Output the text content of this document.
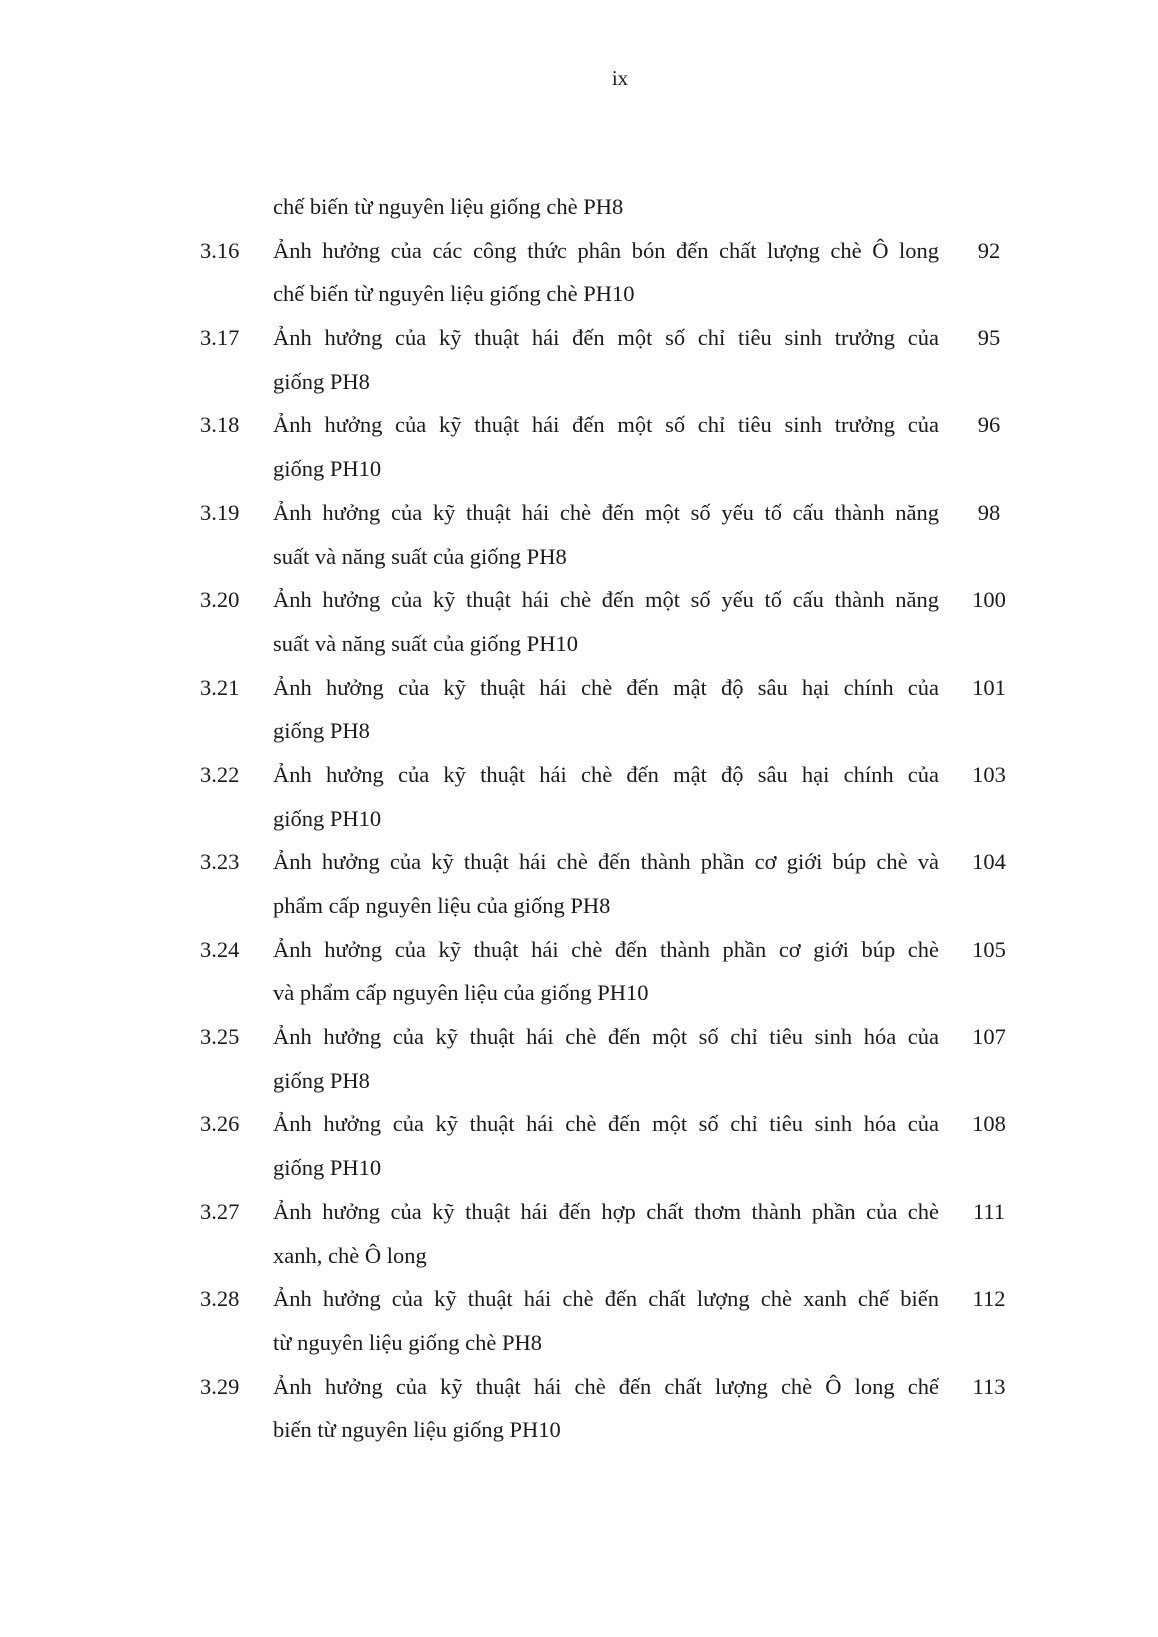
ix
chế biến từ nguyên liệu giống chè PH8
3.16	Ảnh hưởng của các công thức phân bón đến chất lượng chè Ô long	92
chế biến từ nguyên liệu giống chè PH10
3.17	Ảnh hưởng của kỹ thuật hái đến một số chỉ tiêu sinh trưởng của	95
giống PH8
3.18	Ảnh hưởng của kỹ thuật hái đến một số chỉ tiêu sinh trưởng của	96
giống PH10
3.19	Ảnh hưởng của kỹ thuật hái chè đến một số yếu tố cấu thành năng	98
suất và năng suất của giống PH8
3.20	Ảnh hưởng của kỹ thuật hái chè đến một số yếu tố cấu thành năng	100
suất và năng suất của giống PH10
3.21	Ảnh hưởng của kỹ thuật hái chè đến mật độ sâu hại chính của	101
giống PH8
3.22	Ảnh hưởng của kỹ thuật hái chè đến mật độ sâu hại chính của	103
giống PH10
3.23	Ảnh hưởng của kỹ thuật hái chè đến thành phần cơ giới búp chè và	104
phẩm cấp nguyên liệu của giống PH8
3.24	Ảnh hưởng của kỹ thuật hái chè đến thành phần cơ giới búp chè	105
và phẩm cấp nguyên liệu của giống PH10
3.25	Ảnh hưởng của kỹ thuật hái chè đến một số chỉ tiêu sinh hóa của	107
giống PH8
3.26	Ảnh hưởng của kỹ thuật hái chè đến một số chỉ tiêu sinh hóa của	108
giống PH10
3.27	Ảnh hưởng của kỹ thuật hái đến hợp chất thơm thành phần của chè	111
xanh, chè Ô long
3.28	Ảnh hưởng của kỹ thuật hái chè đến chất lượng chè xanh chế biến	112
từ nguyên liệu giống chè PH8
3.29	Ảnh hưởng của kỹ thuật hái chè đến chất lượng chè Ô long chế	113
biến từ nguyên liệu giống PH10
